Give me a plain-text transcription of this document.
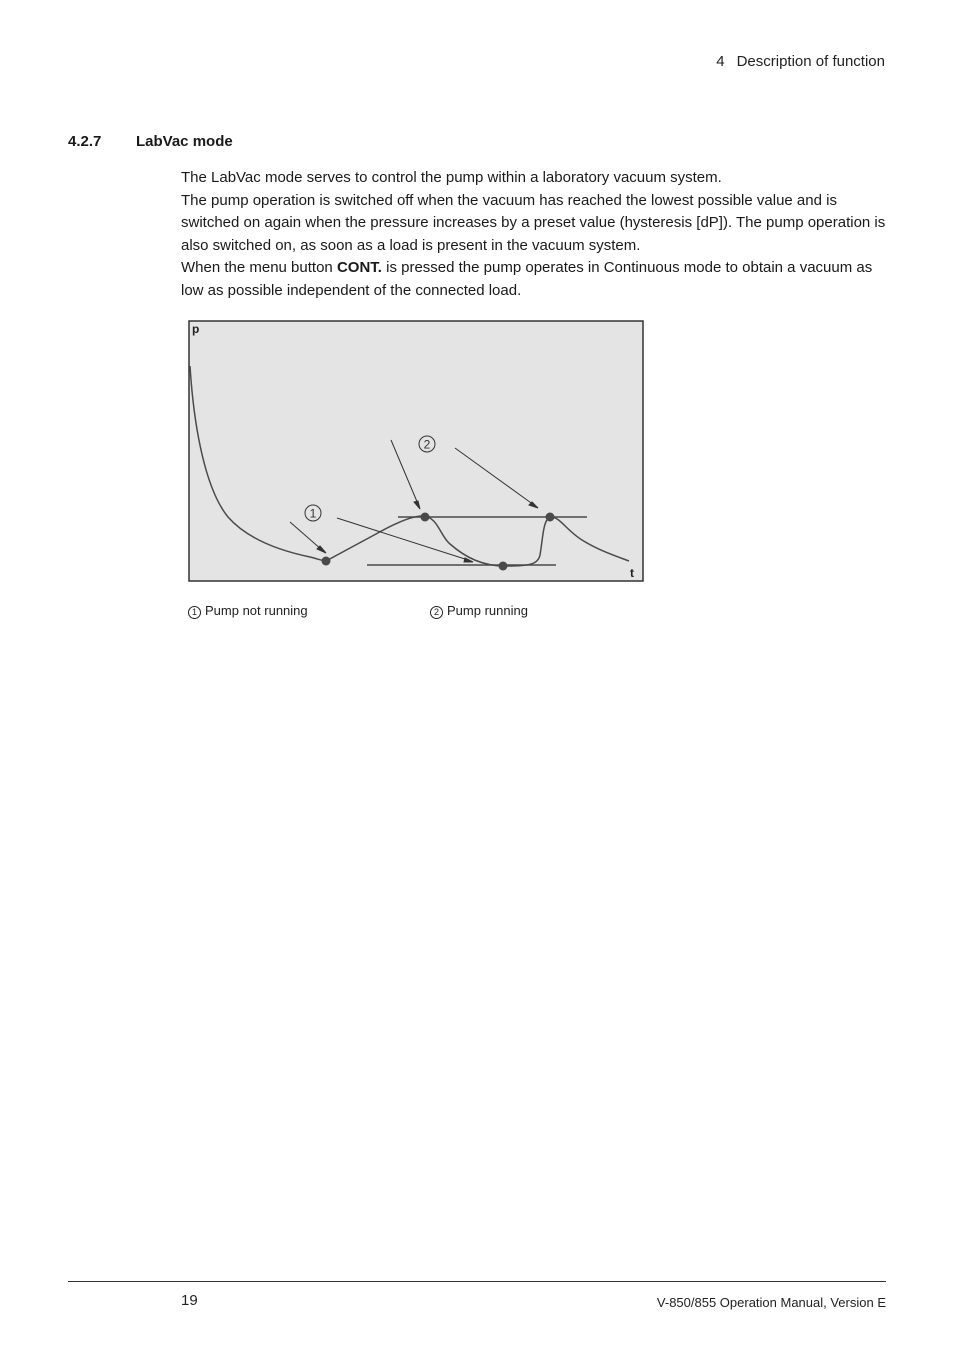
4 Description of function
4.2.7 LabVac mode

The LabVac mode serves to control the pump within a laboratory vacuum system.

The pump operation is switched off when the vacuum has reached the lowest possible value and is switched on again when the pressure increases by a preset value (hysteresis [dP]). The pump operation is also switched on, as soon as a load is present in the vacuum system.

When the menu button CONT. is pressed the pump operates in Continuous mode to obtain a vacuum as low as possible independent of the connected load.

p
t
1
2
1 Pump not running	2 Pump running
19	V-850/855 Operation Manual, Version E
